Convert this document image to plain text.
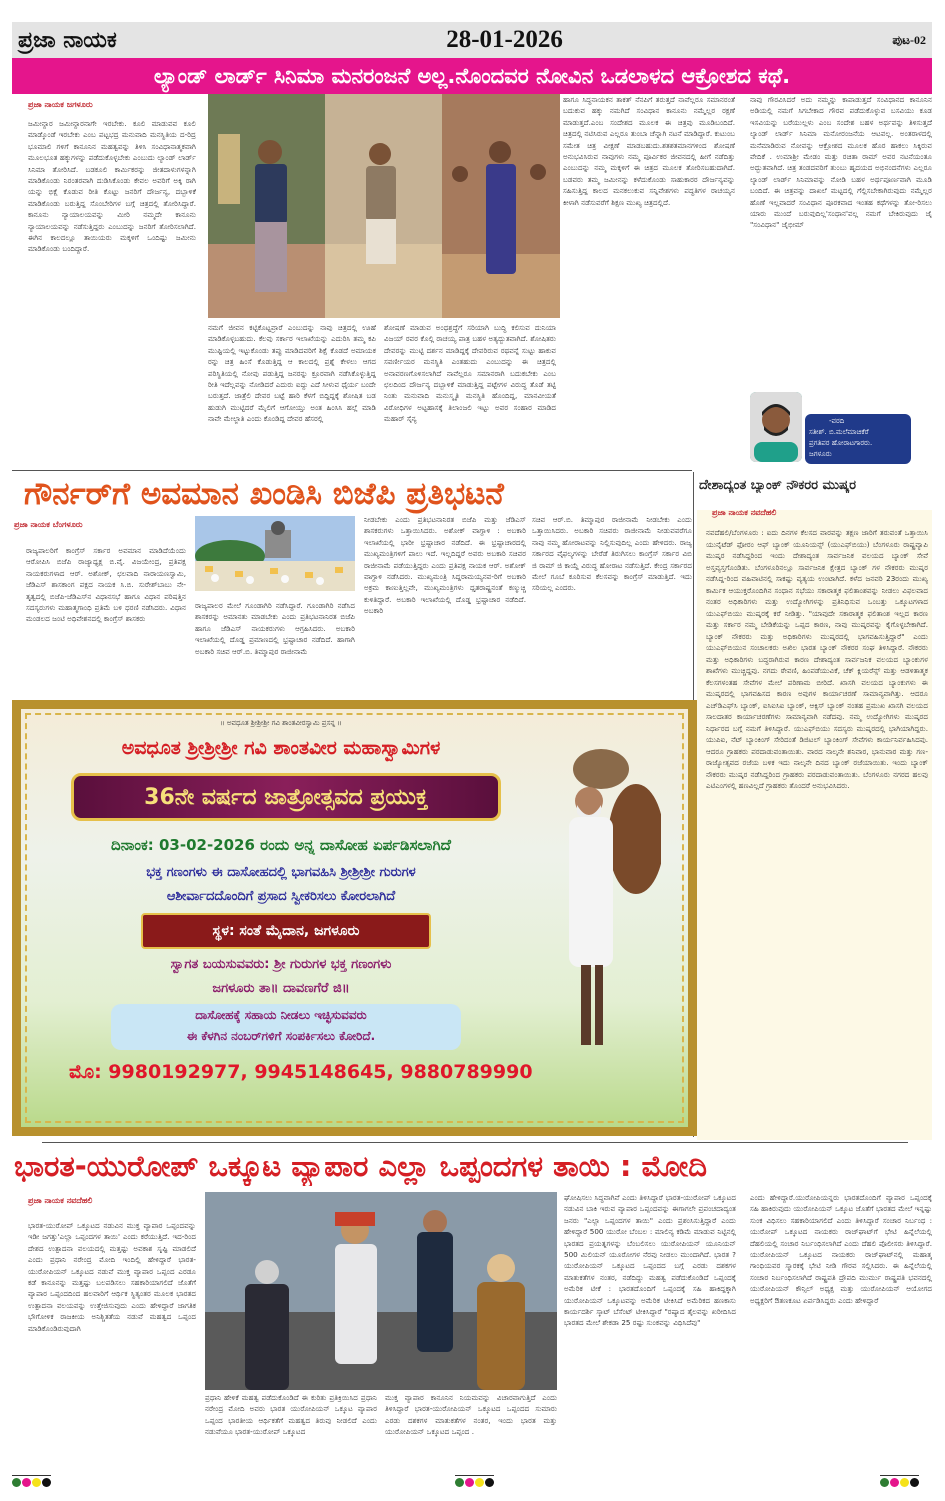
ಪ್ರಜಾ ನಾಯಕ	28-01-2026	ಪುಟ-02
ಲ್ಯಾಂಡ್ ಲಾರ್ಡ್ ಸಿನಿಮಾ ಮನರಂಜನೆ ಅಲ್ಲ.ನೊಂದವರ ನೋವಿನ ಒಡಲಾಳದ ಆಕ್ರೋಶದ ಕಥೆ.
ಪ್ರಜಾ ನಾಯಕ ಜಗಳೂರು
ಜಮೀನ್ದಾರ ಜಮೀನ್ದಾರನಾಗೇ ಇರಬೇಕು. ಕೂಲಿ ಮಾಡುವವ ಕೂಲಿ ಮಾಡ್ಕೊಂಡೆ ಇರಬೇಕು ಎಂಬ ಪಟ್ಟಭದ್ರ ಮನುವಾದಿ ಮನಸ್ಥಿತಿಯ ದ-ರಿದ್ರ ಭೂಮಾಲಿ ಗಳಿಗೆ ಕಾನೂನಿನ ಮಹತ್ವವನ್ನು ತಿಳಿಸಿ ಸಂವಿಧಾನಾತ್ಮಕವಾಗಿ ಮೂಲಭೂತ ಹಕ್ಕುಗಳನ್ನು ಪಡೆದುಕೊಳ್ಳಬೇಕು ಎಂಬುದು ಲ್ಯಾಂಡ್ ಲಾರ್ಡ್ ಸಿನಿಮಾ ತೋರಿಸಿದೆ. ಬಡಕೂಲಿ ಕಾರ್ಮಿಕರನ್ನು ಜೀತದಾಳುಗಳನ್ನಾಗಿ ಮಾಡಿಕೊಂಡು ನಿರಂತರವಾಗಿ ದುಡಿಸಿಕೊಂಡು ಕೇವಲ ಅವರಿಗೆ ಅಕ್ಕಿ ರಾಗಿ ಯನ್ನು ಭಿಕ್ಷೆ ಕೊಡುವ ರೀತಿ ಕೊಟ್ಟು ಜನರಿಗೆ ದೌರ್ಜನ್ಯ, ದಬ್ಬಾಳಿಕೆ ಮಾಡಿಕೊಂಡು ಬರುತ್ತಿದ್ದ ಸೊಂಬೇರಿಗಳ ಬಗ್ಗೆ ಚಿತ್ರದಲ್ಲಿ ತೋರಿಸಿದ್ದಾರೆ. ಕಾನೂನು ನ್ಯಾಯಾಲಯವನ್ನು ಮೀರಿ ನಮ್ಮದೇ ಕಾನೂನು ನ್ಯಾಯಾಲಯವನ್ನು ನಡೆಸುತ್ತಿದ್ದರು ಎಂಬುದನ್ನು ಜನರಿಗೆ ತೋರಿಸಲಾಗಿದೆ. ಈಗಿನ ಕಾಲದಲ್ಲೂ ತಾಯಿಯರು ಮಕ್ಕಳಿಗೆ ಒಂದಿಷ್ಟು ಜಮೀನು ಮಾಡಿಕೊಂಡು ಬಂದಿದ್ದಾರೆ.
ನಮಗೆ ಜೀವನ ಕಟ್ಟಿಕೊಟ್ಟವ್ರಾರೆ ಎಂಬುದನ್ನು ನಾವು ಚಿತ್ರದಲ್ಲಿ ಊಹೆ ಮಾಡಿಕೊಳ್ಳಬಹುದು. ಕೆಲವು ಸರ್ಕಾರ ಇಲಾಖೆಯನ್ನು ಎದುರಿಸಿ ತಮ್ಮ ಕಪಿ ಮುಷ್ಟಿಯಲ್ಲಿ ಇಟ್ಟುಕೊಂಡು ತಪ್ಪು ಮಾಡಿದವರಿಗೆ ಶಿಕ್ಷೆ ಕೊಡದೆ ಅಮಾಯಕ ರನ್ನು ಚಿತ್ರ ಹಿಂಸೆ ಕೊಡುತ್ತಿದ್ದ ಆ ಕಾಲದಲ್ಲಿ ಪ್ರಶ್ನೆ ಕೇಳಲು ಆಗದ ಪರಿಸ್ಥಿತಿಯಲ್ಲಿ ನೋವು ಪಡುತ್ತಿದ್ದ ಜನರನ್ನು ಕ್ರೂರವಾಗಿ ನಡೆಸಿಕೊಳ್ಳುತ್ತಿದ್ದ ರೀತಿ ಇದೆಲ್ಲವನ್ನು ನೋಡಿದರೆ ಎದುರು ಐದ್ದು ಎದೆ ಸೀಳುವ ಧೈರ್ಯ ಬಂದೇ ಬರುತ್ತದೆ. ಜಾತ್ರೆಲಿ ದೇವರ ಬಟ್ಟೆ ಹಾರಿ ಕೆಳಗೆ ಬಿದ್ದಿದ್ದಕ್ಕೆ ಶೋಷಿತ ಬಡ ಹುಡುಗಿ ಮುಟ್ಟಿದರೆ ಮೈಲಿಗೆ ಆಗೋಯ್ತು ಅಂತ ಹಿಂಸಿಸಿ ಹಲ್ಲೆ ಮಾಡಿ ನಾವೇ ಮೇಲ್ಜಾತಿ ಎಂದು ಕೊಂಡಿದ್ದ ದೇವರ ಹೆಸರಲ್ಲಿ
ಶೋಷಣೆ ಮಾಡುವ ಅಂಧಶ್ರದ್ಧೆಗೆ ಸರಿಯಾಗಿ ಬುದ್ಧಿ ಕಲಿಸುವ ದುನಿಯಾ ವಿಜಯ್ ರವರ ಕೊಲ್ಲಿ ರಾಚಯ್ಯ ಪಾತ್ರ ಬಹಳ ಅತ್ಯದ್ಭುತವಾಗಿದೆ. ಶೋಷಿತರು ದೇವರನ್ನು ಮುಟ್ಟಿ ದರ್ಶನ ಮಾಡಿದ್ದಕ್ಕೆ ದೇವರಿರುವ ರಥವನ್ನೆ ಸುಟ್ಟು ಹಾಕುವ ಸವರ್ಣೀಯರ ಮನಸ್ಥಿತಿ ಎಂತಹುದು ಎಂಬುದನ್ನು ಈ ಚಿತ್ರದಲ್ಲಿ ಅನಾವರಣಗೊಳಿಸಲಾಗಿದೆ ನಾವೆಲ್ಲರೂ ಸಮಾನರಾಗಿ ಬದುಕಬೇಕು ಎಂಬ ಛಲದಿಂದ ದೌರ್ಜನ್ಯ ದಬ್ಬಾಳಿಕೆ ಮಾಡುತ್ತಿದ್ದ ಪಟ್ಟೇಗಳ ವಿರುದ್ಧ ತೊಡೆ ತಟ್ಟಿ ನಿಂತು ಮನುವಾದಿ ಮನುಸ್ಮೃತಿ ಮನಸ್ಥಿತಿ ಹೊಂದಿದ್ದ, ಮಾನವೀಯತೆ ವಿರೋಧಿಗಳ ಅಟ್ಟಹಾಸಕ್ಕೆ ತಿಲಾಂಜಲಿ ಇಟ್ಟು ಅವರ ಸಂಹಾರ ಮಾಡಿದ ಮಹಾರ್ ಸೈನ್ಯ
ಹಾಗೂ ಸಿದ್ಧನಾಯಕನ ತಾಕತ್ ನೆನಪಿಗೆ ತರುತ್ತದೆ ನಾವೆಲ್ಲರೂ ಸಮಾನರಂತೆ ಬದುಕುವ ಹಕ್ಕು ನಮಗಿದೆ ಸಂವಿಧಾನ ಕಾನೂನು ನಮ್ಮೆಲ್ಲರ ರಕ್ಷಣೆ ಮಾಡುತ್ತದೆ.ಎಂಬ ಸಂದೇಶದ ಮೂಲಕ ಈ ಚಿತ್ರವು ಮೂಡಿಬಂದಿದೆ. ಚಿತ್ರದಲ್ಲಿ ನಟಿಸಿರುವ ಎಲ್ಲರೂ ತುಂಬಾ ಚೆನ್ನಾಗಿ ನಟನೆ ಮಾಡಿದ್ದಾರೆ. ಕುಟುಂಬ ಸಮೇತ ಚಿತ್ರ ವೀಕ್ಷಣೆ ಮಾಡಬಹುದು.ಶತಶತಮಾನಗಳಿಂದ ಶೋಷಣೆ ಅನುಭವಿಸಿರುವ ನಾವುಗಳು ನಮ್ಮ ಪೂರ್ವಿಕರ ಜೀವನದಲ್ಲಿ ಹೀಗೆ ನಡೆದಿತ್ತು ಎಂಬುದನ್ನು ನಮ್ಮ ಮಕ್ಕಳಿಗೆ ಈ ಚಿತ್ರದ ಮೂಲಕ ತೋರಿಸಬಹುದಾಗಿದೆ. ಬಡವರು ತಮ್ಮ ಜಮೀನನ್ನು ಕಳೆದುಕೊಂಡು ಸಾಹುಕಾರರ ದೌರ್ಜನ್ಯವನ್ನು ಸಹಿಸುತ್ತಿದ್ದ ಕಾಲದ ಮನಕಲುಕುವ ಸನ್ನಿವೇಶಗಳು ಪದ್ಧತಿಗಳ ರಾಚಯ್ಯನ ಕೀಳಾಗಿ ನಡೆಸುವರೆಗೆ ಶಿಕ್ಷಣ ಮುಖ್ಯ ಚಿತ್ರದಲ್ಲಿದೆ.
ನಾವು ಗೌರವಿಸಿದರೆ ಅದು ನಮ್ಮನ್ನು ಕಾಪಾಡುತ್ತದೆ ಸಂವಿಧಾನದ ಕಾನೂನಿನ ಅಡಿಯಲ್ಲಿ ನಮಗೆ ಸಿಗಬೇಕಾದ ಗೌರವ ಪಡೆದುಕೊಳ್ಳುವ ಬಸವಿಯು ಕೂಡ ಇಸವಿಯನ್ನು ಬರೆಯುಲ್ಲಳು ಎಂಬ ಸಂದೇಶ ಬಹಳ ಅರ್ಥವನ್ನು ತಿಳಿಸುತ್ತದೆ ಲ್ಯಾಂಡ್ ಲಾರ್ಡ್ ಸಿನಿಮಾ ಮನೋರಂಜನೆಯ ಆಟವಲ್ಲ. ಅಂತರಾಳದಲ್ಲಿ ಮನೆಮಾಡಿರುವ ನೋವನ್ನು ಆಕ್ರೋಶದ ಮೂಲಕ ಹೊರ ಹಾಕಲು ಸಿಕ್ಕಿರುವ ವೇದಿಕೆ . ಉಮಾಶ್ರೀ ಮೇಡಂ ಮತ್ತು ರಚಿತಾ ರಾಮ್ ಅವರ ನಟನೆಯಂತೂ ಅದ್ಭುತವಾಗಿದೆ. ಚಿತ್ರ ತಂಡದವರಿಗೆ ತುಂಬು ಹೃದಯದ ಅಭಿನಂದನೆಗಳು ಎಲ್ಲರೂ ಲ್ಯಾಂಡ್ ಲಾರ್ಡ್ ಸಿನಿಮಾವನ್ನು ನೋಡಿ ಬಹಳ ಅರ್ಥಪೂರ್ಣವಾಗಿ ಮೂಡಿ ಬಂದಿದೆ. ಈ ಚಿತ್ರವನ್ನು ದಾಖಲೆ ಮಟ್ಟದಲ್ಲಿ ಗೆಲ್ಲಿಸಬೇಕಾಗಿರುವುದು ನಮ್ಮೆಲ್ಲರ ಹೊಣೆ ಇಲ್ಲವಾದರೆ ಸಂವಿಧಾನ ಪೂರಕವಾದ ಇಂತಹ ಕಥೆಗಳನ್ನು ತೋ-ರಿಸಲು ಯಾರು ಮುಂದೆ ಬರುವುದಿಲ್ಲ'ಸಂಧಾನ'ವಲ್ಲ ನಮಗೆ ಬೇಕಿರುವುದು ಜೈ "ಸಂವಿಧಾನ" ಜೈಭೀಮ್
-ವರದಿ
ಸತೀಶ್. ಬಿ.ಮಲೆಮಾಚಿಕೆರೆ
ಪ್ರಗತಿಪರ ಹೋರಾಟಗಾರರು.
ಜಗಳೂರು
ಗೌರ್ನರ್‌ಗೆ ಅವಮಾನ ಖಂಡಿಸಿ ಬಿಜೆಪಿ ಪ್ರತಿಭಟನೆ
ಪ್ರಜಾ ನಾಯಕ ಬೆಂಗಳೂರು
ರಾಜ್ಯಪಾಲರಿಗೆ ಕಾಂಗ್ರೆಸ್ ಸರ್ಕಾರ ಅವಮಾನ ಮಾಡಿದೆಯೆಂದು ಆರೋಪಿಸಿ ಬಿಜೆಪಿ ರಾಜ್ಯಾಧ್ಯಕ್ಷ ಬಿ.ವೈ. ವಿಜಯೇಂದ್ರ, ಪ್ರತಿಪಕ್ಷ ನಾಯಕರುಗಳಾದ ಆರ್. ಅಶೋಕ್, ಛಲವಾದಿ ನಾರಾಯಣಸ್ವಾಮಿ, ಜೆಡಿಎಸ್ ಶಾಸಕಾಂಗ ಪಕ್ಷದ ನಾಯಕ ಸಿ.ಬಿ. ಸುರೇಶ್‌ಬಾಬು ನೇ-ತೃತ್ವದಲ್ಲಿ ಬಿಜೆಪಿ-ಜೆಡಿಎಸ್‌ನ ವಿಧಾನಸಭೆ ಹಾಗೂ ವಿಧಾನ ಪರಿಷತ್ತಿನ ಸದಸ್ಯರುಗಳು ಮಹಾತ್ಮಗಾಂಧಿ ಪ್ರತಿಮೆ ಬಳಿ ಧರಣಿ ನಡೆಸಿದರು. ವಿಧಾನ ಮಂಡಲದ ಜಂಟಿ ಅಧಿವೇಶನದಲ್ಲಿ ಕಾಂಗ್ರೆಸ್ ಶಾಸಕರು
ರಾಜ್ಯಪಾಲರ ಮೇಲೆ ಗೂಂಡಾಗಿರಿ ನಡೆಸಿದ್ದಾರೆ. ಗೂಂಡಾಗಿರಿ ನಡೆಸಿದ ಶಾಸಕರನ್ನು ಅಮಾನತು ಮಾಡಬೇಕು ಎಂದು ಪ್ರತಿಭಟನಾನಿರತ ಬಿಜೆಪಿ ಹಾಗೂ ಜೆಡಿಎಸ್ ನಾಯಕರುಗಳು ಆಗ್ರಹಿಸಿದರು. ಅಬಕಾರಿ ಇಲಾಖೆಯಲ್ಲಿ ದೊಡ್ಡ ಪ್ರಮಾಣದಲ್ಲಿ ಭ್ರಷ್ಟಾಚಾರ ನಡೆದಿದೆ. ಹಾಗಾಗಿ ಅಬಕಾರಿ ಸಚಿವ ಆರ್.ಬಿ. ತಿಮ್ಮಾಪುರ ರಾಜೀನಾಮೆ
ನೀಡಬೇಕು ಎಂದು ಪ್ರತಿಭಟನಾನಿರತ ಬಿಜೆಪಿ ಮತ್ತು ಜೆಡಿಎಸ್ ಶಾಸಕರುಗಳು ಒತ್ತಾಯಿಸಿದರು. ಅಶೋಕ್ ವಾಗ್ದಾಳಿ : ಅಬಕಾರಿ ಇಲಾಖೆಯಲ್ಲಿ ಭಾರೀ ಭ್ರಷ್ಟಾಚಾರ ನಡೆದಿದೆ. ಈ ಭ್ರಷ್ಟಾಚಾರದಲ್ಲಿ ಮುಖ್ಯಮಂತ್ರಿಗಳಿಗೆ ಪಾಲು ಇದೆ. ಇಲ್ಲದಿದ್ದರೆ ಅವರು ಅಬಕಾರಿ ಸಚಿವರ ರಾಜೀನಾಮೆ ಪಡೆಯುತ್ತಿದ್ದರು ಎಂದು ಪ್ರತಿಪಕ್ಷ ನಾಯಕ ಆರ್. ಅಶೋಕ್ ವಾಗ್ದಾಳಿ ನಡೆಸಿದರು. ಮುಖ್ಯಮಂತ್ರಿ ಸಿದ್ದರಾಮಯ್ಯನವ-ರಿಗೆ ಅಬಕಾರಿ ಅಕ್ರಮ ಕಾಣುತ್ತಿಲ್ಲವೇ, ಮುಖ್ಯಮಂತ್ರಿಗಳು ಧೃತರಾಷ್ಟ್ರನಂತೆ ಕಣ್ಮುಚ್ಚಿ ಕುಳಿತಿದ್ದಾರೆ. ಅಬಕಾರಿ ಇಲಾಖೆಯಲ್ಲಿ ದೊಡ್ಡ ಭ್ರಷ್ಟಾಚಾರ ನಡೆದಿದೆ. ಅಬಕಾರಿ
ಸಚಿವ ಆರ್.ಬಿ. ತಿಮ್ಮಾಪುರ ರಾಜೀನಾಮೆ ನೀಡಬೇಕು ಎಂದು ಒತ್ತಾಯಿಸಿದರು. ಅಬಕಾರಿ ಸಚಿವರು ರಾಜೀನಾಮೆ ನೀಡುವವರೆಗೂ ನಾವು ನಮ್ಮ ಹೋರಾಟವನ್ನು ನಿಲ್ಲಿಸುವುದಿಲ್ಲ ಎಂದು ಹೇಳಿದರು. ರಾಜ್ಯ ಸರ್ಕಾರದ ವೈಫಲ್ಯಗಳನ್ನು ಬೇರೆಡೆ ತಿರುಗಿಸಲು ಕಾಂಗ್ರೆಸ್ ಸರ್ಕಾರ ವಿಬಿ ಜಿ ರಾಮ್ ಜಿ ಕಾಯ್ದೆ ವಿರುದ್ಧ ಹೋರಾಟ ನಡೆಸುತ್ತಿದೆ. ಕೇಂದ್ರ ಸರ್ಕಾರದ ಮೇಲೆ ಗೂಬೆ ಕೂರಿಸುವ ಕೆಲಸವನ್ನು ಕಾಂಗ್ರೆಸ್ ಮಾಡುತ್ತಿದೆ. ಇದು ಸರಿಯಲ್ಲ ಎಂದರು.
ದೇಶಾದ್ಯಂತ ಬ್ಯಾಂಕ್ ನೌಕರರ ಮುಷ್ಕರ
ಪ್ರಜಾ ನಾಯಕ ನವದೆಹಲಿ
ನವದೆಹಲಿ/ಬೆಂಗಳೂರು : ಐದು ದಿನಗಳ ಕೆಲಸದ ವಾರವನ್ನು ತಕ್ಷಣ ಜಾರಿಗೆ ತರುವಂತೆ ಒತ್ತಾಯಿಸಿ ಯುನೈಟೆಡ್ ಫೋರಂ ಆಫ್ ಬ್ಯಾಂಕ್ ಯೂನಿಯನ್ಸ್ (ಯುಎಫ್‌ಬಿಯು) ಬೆಂಗಳೂರು ರಾಷ್ಟ್ರವ್ಯಾಪಿ ಮುಷ್ಕರ ನಡೆಸಿದ್ದರಿಂದ ಇಂದು ದೇಶಾದ್ಯಂತ ಸಾರ್ವಜನಿಕ ವಲಯದ ಬ್ಯಾಂಕ್ ಸೇವೆ ಅಸ್ತವ್ಯಸ್ತಗೊಂಡಿತು. ಬೆಂಗಳೂರಿನಲ್ಲೂ ಸಾರ್ವಜನಿಕ ಕ್ಷೇತ್ರದ ಬ್ಯಾಂಕ್ ಗಳ ನೌಕರರು ಮುಷ್ಕರ ನಡೆಸಿದ್ದ-ರಿಂದ ವಹಿವಾಟಿನಲ್ಲಿ ಸಾಕಷ್ಟು ವ್ಯತ್ಯಯ ಉಂಟಾಗಿದೆ. ಕಳೆದ ಜನವರಿ 23ರಂದು ಮುಖ್ಯ ಕಾರ್ಮಿಕ ಆಯುಕ್ತರೊಂದಿಗಿನ ಸಂಧಾನ ಸಭೆಯು ಸಕಾರಾತ್ಮಕ ಫಲಿತಾಂಶವನ್ನು ನೀಡಲು ವಿಫಲವಾದ ನಂತರ ಅಧಿಕಾರಿಗಳು ಮತ್ತು ಉದ್ಯೋಗಿಗಳನ್ನು ಪ್ರತಿನಿಧಿಸುವ ಒಂಬತ್ತು ಒಕ್ಕೂಟಗಳಾದ ಯುಎಫ್‌ಬಿಯು ಮುಷ್ಕರಕ್ಕೆ ಕರೆ ನೀಡಿತ್ತು. "ಯಾವುದೇ ಸಕಾರಾತ್ಮಕ ಫಲಿತಾಂಶ ಇಲ್ಲದ ಕಾರಣ ಮತ್ತು ಸರ್ಕಾರ ನಮ್ಮ ಬೇಡಿಕೆಯನ್ನು ಒಪ್ಪದ ಕಾರಣ, ನಾವು ಮುಷ್ಕರವನ್ನು ಕೈಗೊಳ್ಳಬೇಕಾಗಿದೆ. ಬ್ಯಾಂಕ್ ನೌಕರರು ಮತ್ತು ಅಧಿಕಾರಿಗಳು ಮುಷ್ಕರದಲ್ಲಿ ಭಾಗವಹಿಸುತ್ತಿದ್ದಾರೆ" ಎಂದು ಯುಎಫ್‌ಬಿಯುನ ಸಂಚಾಲಕರು ಅಖಿಲ ಭಾರತ ಬ್ಯಾಂಕ್ ನೌಕರರ ಸಂಘ ತಿಳಿಸಿದ್ದಾರೆ. ನೌಕರರು ಮತ್ತು ಅಧಿಕಾರಿಗಳು ಬದ್ಧರಾಗಿರುವ ಕಾರಣ ದೇಶಾದ್ಯಂತ ಸಾರ್ವಜನಿಕ ವಲಯದ ಬ್ಯಾಂಕುಗಳ ಶಾಖೆಗಳು ಮುಚ್ಚಿದ್ದವು. ನಗದು ಠೇವಣಿ, ಹಿಂಪಡೆಯುವಿಕೆ, ಚೆಕ್ ಕ್ಲಿಯರೆನ್ಸ್ ಮತ್ತು ಆಡಳಿತಾತ್ಮಕ ಕೆಲಸಗಳಂತಹ ಸೇವೆಗಳ ಮೇಲೆ ಪರಿಣಾಮ ಬೀರಿದೆ. ಖಾಸಗಿ ವಲಯದ ಬ್ಯಾಂಕುಗಳು ಈ ಮುಷ್ಕರದಲ್ಲಿ ಭಾಗವಹಿಸದ ಕಾರಣ ಅವುಗಳ ಕಾರ್ಯಾಚರಣೆ ಸಾಮಾನ್ಯವಾಗಿತ್ತು. ಆದರೂ ಎಚ್‌ಡಿಎಫ್‌ಸಿ ಬ್ಯಾಂಕ್, ಐಸಿಐಸಿಐ ಬ್ಯಾಂಕ್, ಆಕ್ಸಿಸ್ ಬ್ಯಾಂಕ್ ನಂತಹ ಪ್ರಮುಖ ಖಾಸಗಿ ವಲಯದ ಸಾಲದಾತರ ಕಾರ್ಯಾಚರಣೆಗಳು ಸಾಮಾನ್ಯವಾಗಿ ನಡೆದವು. ನಮ್ಮ ಉದ್ಯೋಗಿಗಳು ಮುಷ್ಕರದ ನಿರ್ಧಾರದ ಬಗ್ಗೆ ನಮಗೆ ತಿಳಿಸಿದ್ದಾರೆ. ಯುಎಫ್‌ಬಿಯು ಸದಸ್ಯರು ಮುಷ್ಕರದಲ್ಲಿ ಭಾಗಿಯಾಗಿದ್ದರು. ಯುಪಿಐ, ನೆಟ್ ಬ್ಯಾಂಕಿಂಗ್ ಸೇರಿದಂತೆ ಡಿಜಿಟಲ್ ಬ್ಯಾಂಕಿಂಗ್ ಸೇವೆಗಳು ಕಾರ್ಯನಿರ್ವಹಿಸಿದವು. ಆದರೂ ಗ್ರಾಹಕರು ಪರದಾಡುವಂತಾಯಿತು. ವಾರದ ನಾಲ್ಕನೇ ಶನಿವಾರ, ಭಾನುವಾರ ಮತ್ತು ಗಣ-ರಾಜ್ಯೋತ್ಸವದ ರಜೆಯ ಬಳಿಕ ಇದು ನಾಲ್ಕನೇ ದಿನದ ಬ್ಯಾಂಕ್ ರಜೆಯಾಯಿತು. ಇಂದು ಬ್ಯಾಂಕ್ ನೌಕರರು ಮುಷ್ಕರ ನಡೆಸಿದ್ದರಿಂದ ಗ್ರಾಹಕರು ಪರದಾಡುವಂತಾಯಿತು. ಬೆಂಗಳೂರು ನಗರದ ಹಲವು ಎಟಿಎಂಗಳಲ್ಲಿ ಹಣವಿಲ್ಲದೆ ಗ್ರಾಹಕರು ತೊಂದರೆ ಅನುಭವಿಸಿದರು.
॥ ಅವಧೂತ ಶ್ರೀಶ್ರೀಶ್ರೀ ಗವಿ ಶಾಂತವೀರಸ್ವಾಮಿ ಪ್ರಸನ್ನ ॥
ಅವಧೂತ ಶ್ರೀಶ್ರೀಶ್ರೀ ಗವಿ ಶಾಂತವೀರ ಮಹಾಸ್ವಾಮಿಗಳ
36ನೇ ವರ್ಷದ ಜಾತ್ರೋತ್ಸವದ ಪ್ರಯುಕ್ತ
ದಿನಾಂಕ: 03-02-2026 ರಂದು ಅನ್ನ ದಾಸೋಹ ಏರ್ಪಡಿಸಲಾಗಿದೆ
ಭಕ್ತ ಗಣಂಗಳು ಈ ದಾಸೋಹದಲ್ಲಿ ಭಾಗವಹಿಸಿ ಶ್ರೀಶ್ರೀಶ್ರೀ ಗುರುಗಳ
ಆಶೀರ್ವಾದದೊಂದಿಗೆ ಪ್ರಸಾದ ಸ್ವೀಕರಿಸಲು ಕೋರಲಾಗಿದೆ
ಸ್ಥಳ: ಸಂತೆ ಮೈದಾನ, ಜಗಳೂರು
ಸ್ವಾಗತ ಬಯಸುವವರು: ಶ್ರೀ ಗುರುಗಳ ಭಕ್ತ ಗಣಂಗಳು
ಜಗಳೂರು ತಾ॥ ದಾವಣಗೆರೆ ಜಿ॥
ದಾಸೋಹಕ್ಕೆ ಸಹಾಯ ನೀಡಲು ಇಚ್ಛಿಸುವವರು
ಈ ಕೆಳಗಿನ ನಂಬರ್‌ಗಳಿಗೆ ಸಂಪರ್ಕಿಸಲು ಕೋರಿದೆ.
ಮೊ: 9980192977, 9945148645, 9880789990
ಭಾರತ-ಯುರೋಪ್ ಒಕ್ಕೂಟ ವ್ಯಾಪಾರ ಎಲ್ಲಾ ಒಪ್ಪಂದಗಳ ತಾಯಿ : ಮೋದಿ
ಪ್ರಜಾ ನಾಯಕ ನವದೆಹಲಿ
ಭಾರತ-ಯುರೋಪ್ ಒಕ್ಕೂಟದ ನಡುವಿನ ಮುಕ್ತ ವ್ಯಾಪಾರ ಒಪ್ಪಂದವನ್ನು ಇಡೀ ಜಗತ್ತು'ಎಲ್ಲಾ ಒಪ್ಪಂದಗಳ ತಾಯಿ' ಎಂದು ಕರೆಯುತ್ತಿದೆ. ಇದ-ರಿಂದ ದೇಶದ ಉತ್ಪಾದನಾ ವಲಯದಲ್ಲಿ ಮತ್ತಷ್ಟು ಅವಕಾಶ ಸೃಷ್ಟಿ ಮಾಡಲಿದೆ ಎಂದು ಪ್ರಧಾನಿ ನರೇಂದ್ರ ಮೋದಿ ಇಂದಿಲ್ಲಿ ಹೇಳಿದ್ದಾರೆ ಭಾರತ-ಯುರೋಪಿಯನ್ ಒಕ್ಕೂಟದ ನಡುವೆ ಮುಕ್ತ ವ್ಯಾಪಾರ ಒಪ್ಪಂದ ಎರಡೂ ಕಡೆ ಕಾನೂನನ್ನು ಮತ್ತಷ್ಟು ಬಲಪಡಿಸಲು ಸಹಕಾರಿಯಾಗಲಿದೆ ಜೊತೆಗೆ ವ್ಯಾಪಾರ ಒಪ್ಪಂದದಿಂದ ಹಲವಾರಿಗೆ ಆರ್ಥಿಕ ಸ್ಥಿತ್ಯಂತರ ಮೂಲಕ ಭಾರತದ ಉತ್ಪಾದನಾ ವಲಯವನ್ನು ಉತ್ತೇಜಿಸುವುದು ಎಂದು ಹೇಳಿದ್ದಾರೆ ಜಾಗತಿಕ ಭೌಗೋಳಿಕ ರಾಜಕೀಯ ಅನಿಶ್ಚಿತತೆಯ ನಡುವೆ ಮಹತ್ವದ ಒಪ್ಪಂದ ಮಾಡಿಕೊಂಡಿರುವುದಾಗಿ
ಪ್ರಧಾನಿ ಹೇಳಿಕೆ ಮಹತ್ವ ಪಡೆದುಕೊಂಡಿದೆ ಈ ಕುರಿತು ಪ್ರತಿಕ್ರಿಯಿಸಿದ ಪ್ರಧಾನಿ ನರೇಂದ್ರ ಮೋದಿ ಅವರು ಭಾರತ ಯುರೋಪಿಯನ್ ಒಕ್ಕೂಟ ವ್ಯಾಪಾರ ಒಪ್ಪಂದ ಭಾರತೀಯ ಆರ್ಥಿಕತೆಗೆ ಮಹತ್ವದ ತಿರುವು ನೀಡಲಿದೆ ಎಂದು ನಡುವೆಯೂ ಭಾರತ-ಯುರೋಪ್ ಒಕ್ಕೂಟದ
ಮುಕ್ತ ವ್ಯಾಪಾರ ಕಾನೂನಿನ ನಿಯಮವನ್ನು ವಿಚಾರವಾಗುತ್ತಿದೆ ಎಂದು ತಿಳಿಸಿದ್ದಾರೆ ಭಾರತ-ಯುರೋಪಿಯನ್ ಒಕ್ಕೂಟದ ಒಪ್ಪಂದದ ಸುಮಾರು ಎರಡು ದಶಕಗಳ ಮಾತುಕತೆಗಳ ನಂತರ, ಇಂದು ಭಾರತ ಮತ್ತು ಯುರೋಪಿಯನ್ ಒಕ್ಕೂಟದ ಒಪ್ಪಂದ .
ಘೋಷಿಸಲು ಸಿದ್ಧವಾಗಿವೆ ಎಂದು ತಿಳಿಸಿದ್ದಾರೆ ಭಾರತ-ಯುರೋಪ್ ಒಕ್ಕೂಟದ ನಡುವಿನ ಬಾಕಿ ಇರುವ ವ್ಯಾಪಾರ ಒಪ್ಪಂದವನ್ನು ಈಗಾಗಲೇ ಪ್ರಪಂಚದಾದ್ಯಂತ ಜನರು "ಎಲ್ಲಾ ಒಪ್ಪಂದಗಳ ತಾಯಿ" ಎಂದು ಪ್ರಶಂಸಿಸುತ್ತಿದ್ದಾರೆ ಎಂದು ಹೇಳಿದ್ದಾರೆ 500 ಯುರೋ ಬೆಂಬಲ : ಮಾಲಿನ್ಯ ಕಡಿಮೆ ಮಾಡುವ ನಿಟ್ಟಿನಲ್ಲಿ ಭಾರತದ ಪ್ರಯತ್ನಗಳನ್ನು ಬೆಂಬಲಿಸಲು ಯುರೋಪಿಯನ್ ಯೂನಿಯನ್ 500 ಮಿಲಿಯನ್ ಯೂರೋಗಳ ನೆರವು ನೀಡಲು ಮುಂದಾಗಿದೆ. ಭಾರತ ? ಯುರೋಪಿಯನ್ ಒಕ್ಕೂಟದ ಒಪ್ಪಂದದ ಬಗ್ಗೆ ಎರಡು ದಶಕಗಳ ಮಾತುಕತೆಗಳ ನಂತರ, ನಡೆದಿದ್ದು ಮಹತ್ವ ಪಡೆದುಕೊಂಡಿದೆ ಒಪ್ಪಂದಕ್ಕೆ ಅಮೆರಿಕ ಟೀಕೆ : ಭಾರತದೊಂದಿಗೆ ಒಪ್ಪಂದಕ್ಕೆ ಸಹಿ ಹಾಕಿದ್ದಕ್ಕಾಗಿ ಯುರೋಪಿಯನ್ ಒಕ್ಕೂಟವನ್ನು ಅಮೆರಿಕ ಟೀಕಿಸಿದೆ ಅಮೆರಿಕದ ಹಣಕಾಸು ಕಾರ್ಯದರ್ಶಿ ಸ್ಕಾಟ್ ಬೆಸೆಂಟ್ ಟೀಕಿಸಿದ್ದಾರೆ "ರಷ್ಯಾದ ತೈಲವನ್ನು ಖರೀದಿಸಿದ ಭಾರತದ ಮೇಲೆ ಶೇಕಡಾ 25 ರಷ್ಟು ಸುಂಕವನ್ನು ವಿಧಿಸಿದೆವು"
ಎಂದು ಹೇಳಿದ್ದಾರೆ.ಯುರೋಪಿಯನ್ನರು ಭಾರತದೊಂದಿಗೆ ವ್ಯಾಪಾರ ಒಪ್ಪಂದಕ್ಕೆ ಸಹಿ ಹಾಕಿರುವುದು ಯುರೋಪಿಯನ್ ಒಕ್ಕೂಟ ಜೊತೆಗೆ ಭಾರತದ ಮೇಲೆ ಇನ್ನಷ್ಟು ಸುಂಕ ವಿಧಿಸಲು ಸಹಕಾರಿಯಾಗಲಿದೆ ಎಂದು ತಿಳಿಸಿದ್ದಾರೆ ಸಂಚಾರ ನಿರ್ಬಂಧ : ಯುರೋಪ್ ಒಕ್ಕೂಟದ ನಾಯಕರು ರಾಜ್‌ಘಾಟ್‌ಗೆ ಭೇಟಿ ಹಿನ್ನೆಲೆಯಲ್ಲಿ ದೆಹಲಿಯಲ್ಲಿ ಸಂಚಾರ ನಿರ್ಬಂಧಿಸಲಾಗಿದೆ ಎಂದು ದೆಹಲಿ ಪೊಲೀಸರು ತಿಳಿಸಿದ್ದಾರೆ. ಯುರೋಪಿಯನ್ ಒಕ್ಕೂಟದ ನಾಯಕರು ರಾಜ್‌ಘಾಟ್‌ನಲ್ಲಿ ಮಹಾತ್ಮ ಗಾಂಧಿಯವರ ಸ್ಮಾರಕಕ್ಕೆ ಭೇಟಿ ನೀಡಿ ಗೌರವ ಸಲ್ಲಿಸಿದರು. ಈ ಹಿನ್ನೆಲೆಯಲ್ಲಿ ಸಂಚಾರ ನಿರ್ಬಂಧಿಸಲಾಗಿದೆ ರಾಷ್ಟ್ರಪತಿ ದ್ರೌಪದಿ ಮುರ್ಮು ರಾಷ್ಟ್ರಪತಿ ಭವನದಲ್ಲಿ ಯುರೋಪಿಯನ್ ಕೌನ್ಸಿಲ್ ಅಧ್ಯಕ್ಷ ಮತ್ತು ಯುರೋಪಿಯನ್ ಆಯೋಗದ ಅಧ್ಯಕ್ಷರಿಗೆ ಔತಣಕೂಟ ಏರ್ಪಡಿಸಿದ್ದರು ಎಂದು ಹೇಳಿದ್ದಾರೆ
